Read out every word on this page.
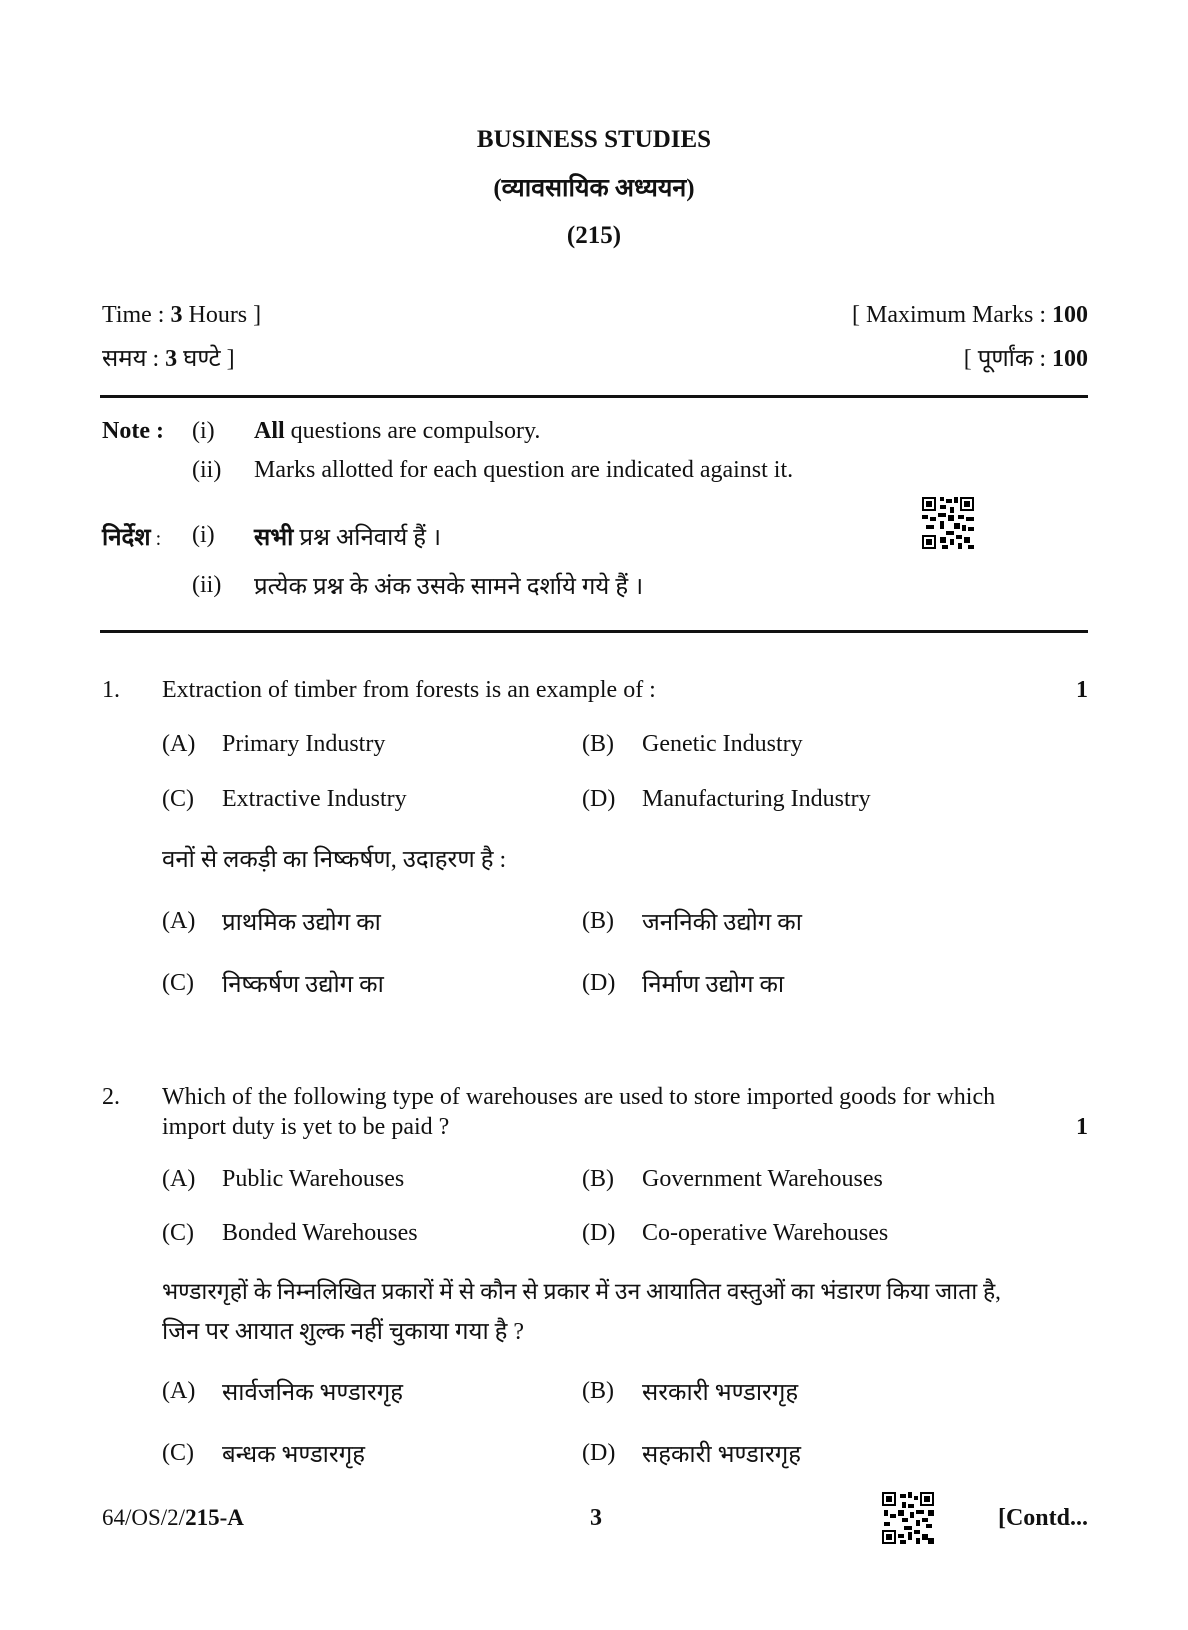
BUSINESS STUDIES
(व्यावसायिक अध्ययन)
(215)
Time : 3 Hours ]
समय : 3 घण्टे ]
[ Maximum Marks : 100
[ पूर्णांक : 100
Note : (i) All questions are compulsory.
(ii) Marks allotted for each question are indicated against it.
निर्देश : (i) सभी प्रश्न अनिवार्य हैं ।
(ii) प्रत्येक प्रश्न के अंक उसके सामने दर्शाये गये हैं ।
1. Extraction of timber from forests is an example of :	1
(A) Primary Industry	(B) Genetic Industry
(C) Extractive Industry	(D) Manufacturing Industry
वनों से लकड़ी का निष्कर्षण, उदाहरण है :
(A) प्राथमिक उद्योग का	(B) जननिकी उद्योग का
(C) निष्कर्षण उद्योग का	(D) निर्माण उद्योग का
2. Which of the following type of warehouses are used to store imported goods for which
import duty is yet to be paid ?	1
(A) Public Warehouses	(B) Government Warehouses
(C) Bonded Warehouses	(D) Co-operative Warehouses
भण्डारगृहों के निम्नलिखित प्रकारों में से कौन से प्रकार में उन आयातित वस्तुओं का भंडारण किया जाता है,
जिन पर आयात शुल्क नहीं चुकाया गया है ?
(A) सार्वजनिक भण्डारगृह	(B) सरकारी भण्डारगृह
(C) बन्धक भण्डारगृह	(D) सहकारी भण्डारगृह
64/OS/2/215-A	3	[Contd...
